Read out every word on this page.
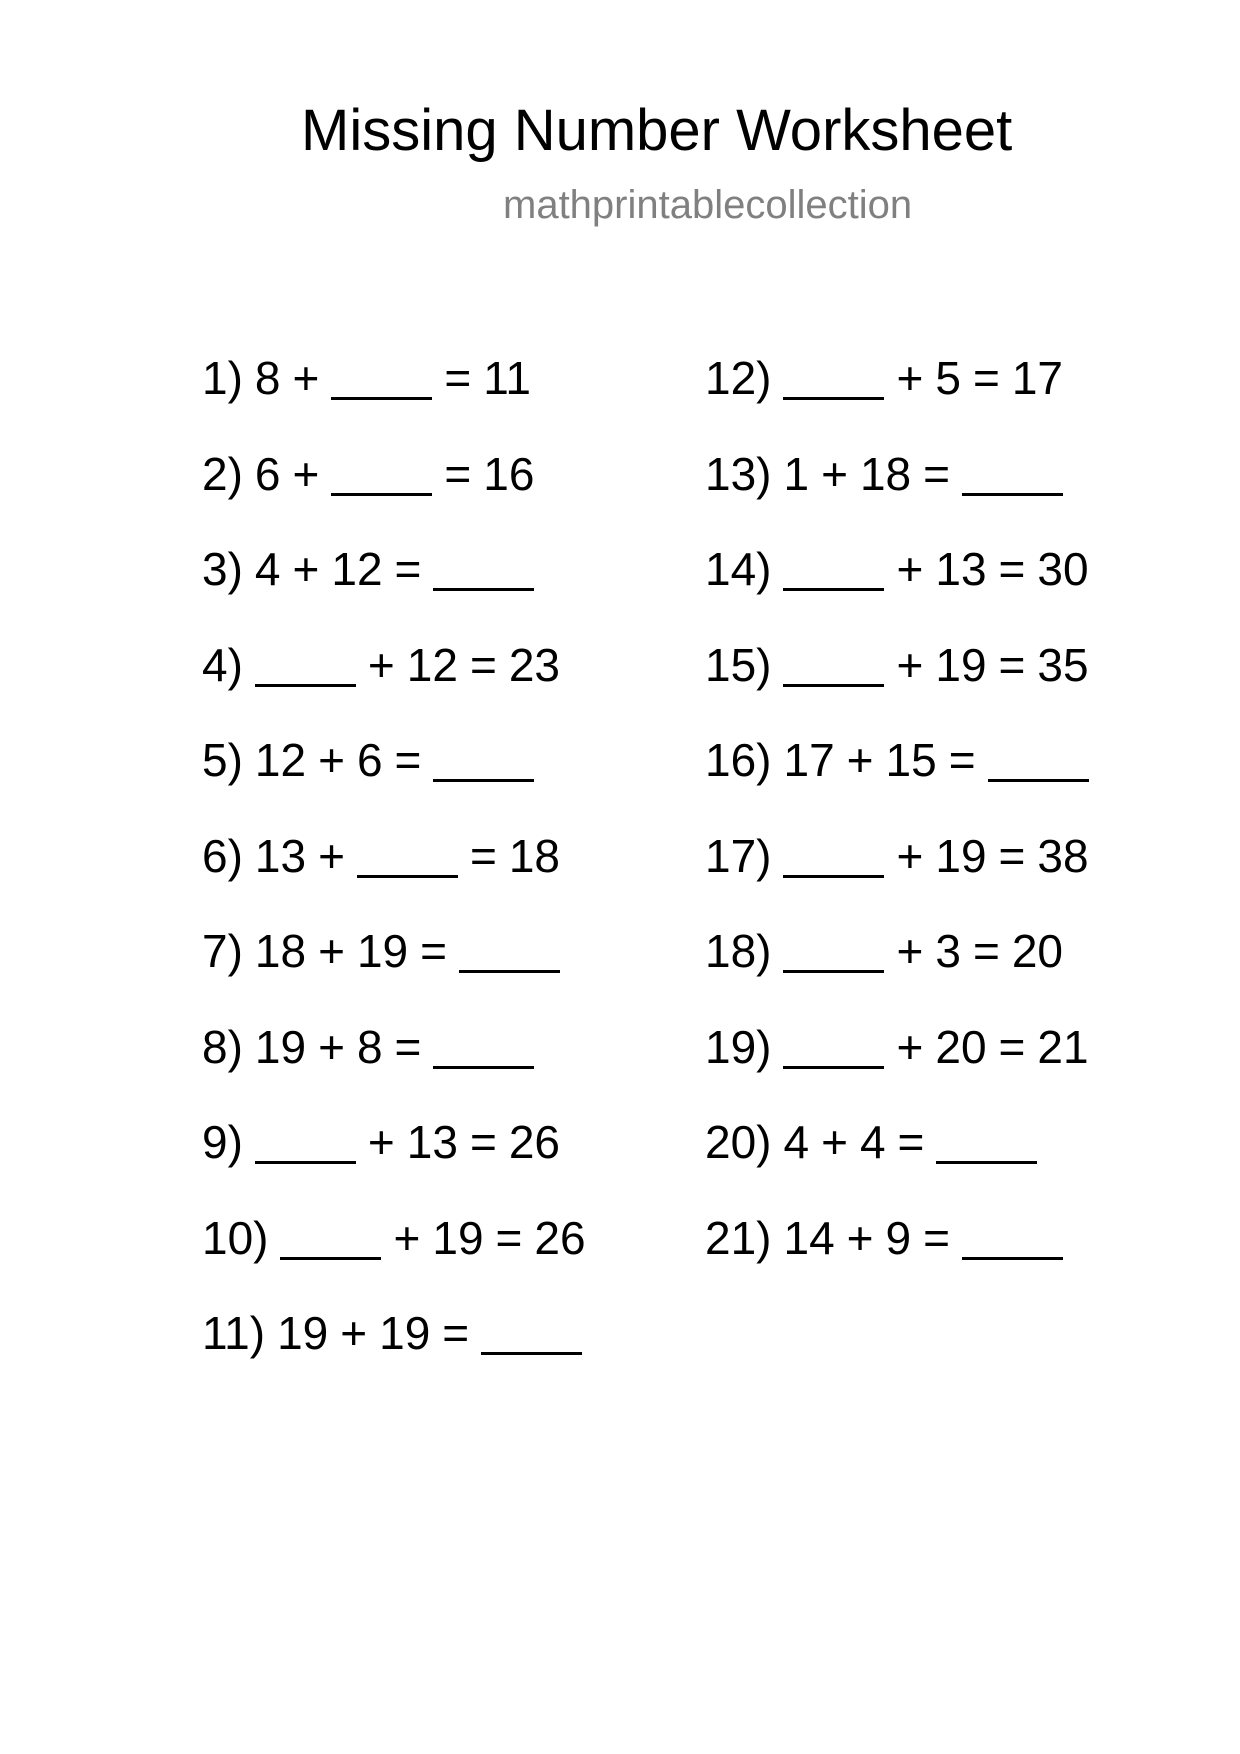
Missing Number Worksheet
mathprintablecollection
1) 8 +	= 11
2) 6 +	= 16
3) 4 + 12 =
4)	+ 12 = 23
5) 12 + 6 =
6) 13 +	= 18
7) 18 + 19 =
8) 19 + 8 =
9)	+ 13 = 26
10)	+ 19 = 26
11) 19 + 19 =
12)	+ 5 = 17
13) 1 + 18 =
14)	+ 13 = 30
15)	+ 19 = 35
16) 17 + 15 =
17)	+ 19 = 38
18)	+ 3 = 20
19)	+ 20 = 21
20) 4 + 4 =
21) 14 + 9 =
